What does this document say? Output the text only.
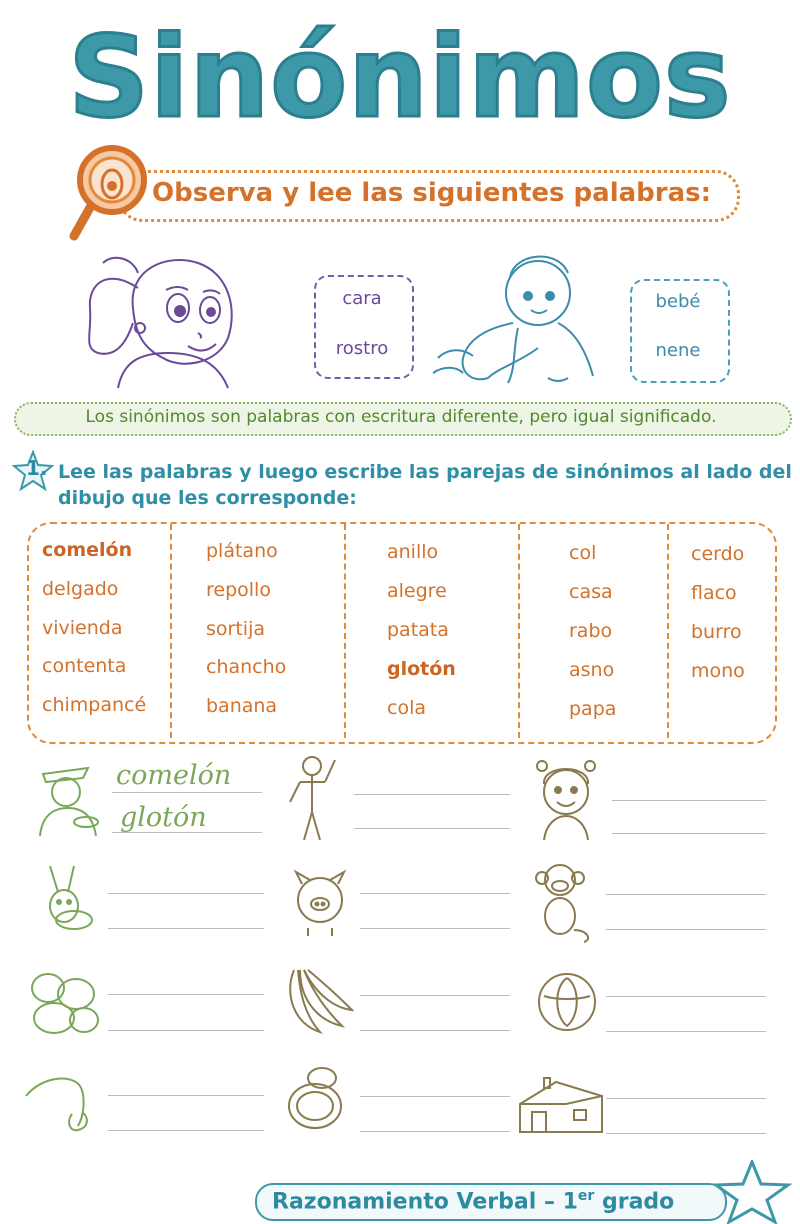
Sinónimos
Observa y lee las siguientes palabras:
cara
rostro
bebé
nene
Los sinónimos son palabras con escritura diferente, pero igual significado.
1. Lee las palabras y luego escribe las parejas de sinónimos al lado del dibujo que les corresponde:
comelón
delgado
vivienda
contenta
chimpancé
plátano
repollo
sortija
chancho
banana
anillo
alegre
patata
glotón
cola
col
casa
rabo
asno
papa
cerdo
flaco
burro
mono
comelón
glotón
Razonamiento Verbal – 1er grado
